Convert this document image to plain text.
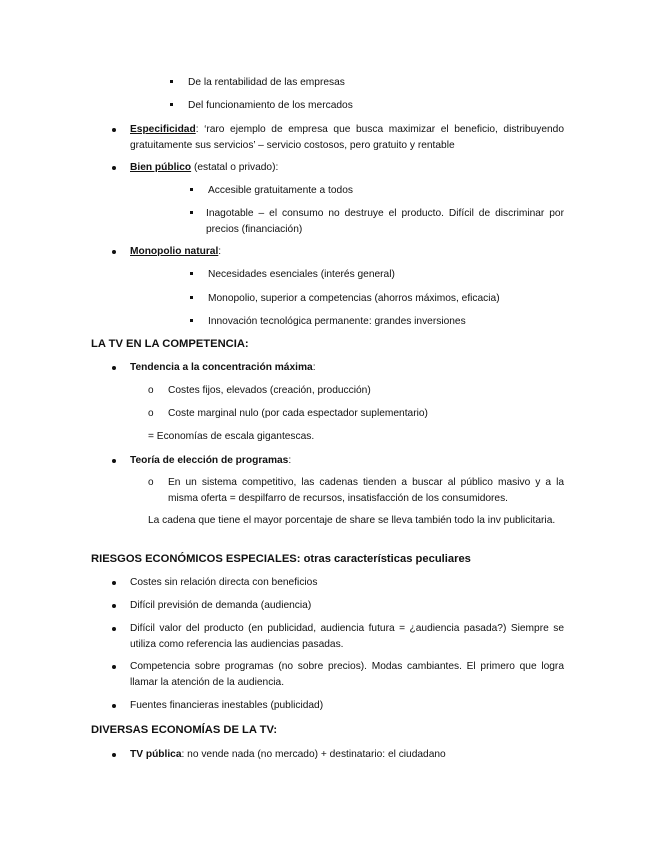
De la rentabilidad de las empresas
Del funcionamiento de los mercados
Especificidad: ‘raro ejemplo de empresa que busca maximizar el beneficio, distribuyendo gratuitamente sus servicios’ – servicio costosos, pero gratuito y rentable
Bien público (estatal o privado):
Accesible gratuitamente a todos
Inagotable – el consumo no destruye el producto. Difícil de discriminar por precios (financiación)
Monopolio natural:
Necesidades esenciales (interés general)
Monopolio, superior a competencias (ahorros máximos, eficacia)
Innovación tecnológica permanente: grandes inversiones
LA TV EN LA COMPETENCIA:
Tendencia a la concentración máxima:
o Costes fijos, elevados (creación, producción)
o Coste marginal nulo (por cada espectador suplementario)
= Economías de escala gigantescas.
Teoría de elección de programas:
o En un sistema competitivo, las cadenas tienden a buscar al público masivo y a la misma oferta = despilfarro de recursos, insatisfacción de los consumidores.
La cadena que tiene el mayor porcentaje de share se lleva también todo la inv publicitaria.
RIESGOS ECONÓMICOS ESPECIALES: otras características peculiares
Costes sin relación directa con beneficios
Difícil previsión de demanda (audiencia)
Difícil valor del producto (en publicidad, audiencia futura = ¿audiencia pasada?) Siempre se utiliza como referencia las audiencias pasadas.
Competencia sobre programas (no sobre precios). Modas cambiantes. El primero que logra llamar la atención de la audiencia.
Fuentes financieras inestables (publicidad)
DIVERSAS ECONOMÍAS DE LA TV:
TV pública: no vende nada (no mercado) + destinatario: el ciudadano
